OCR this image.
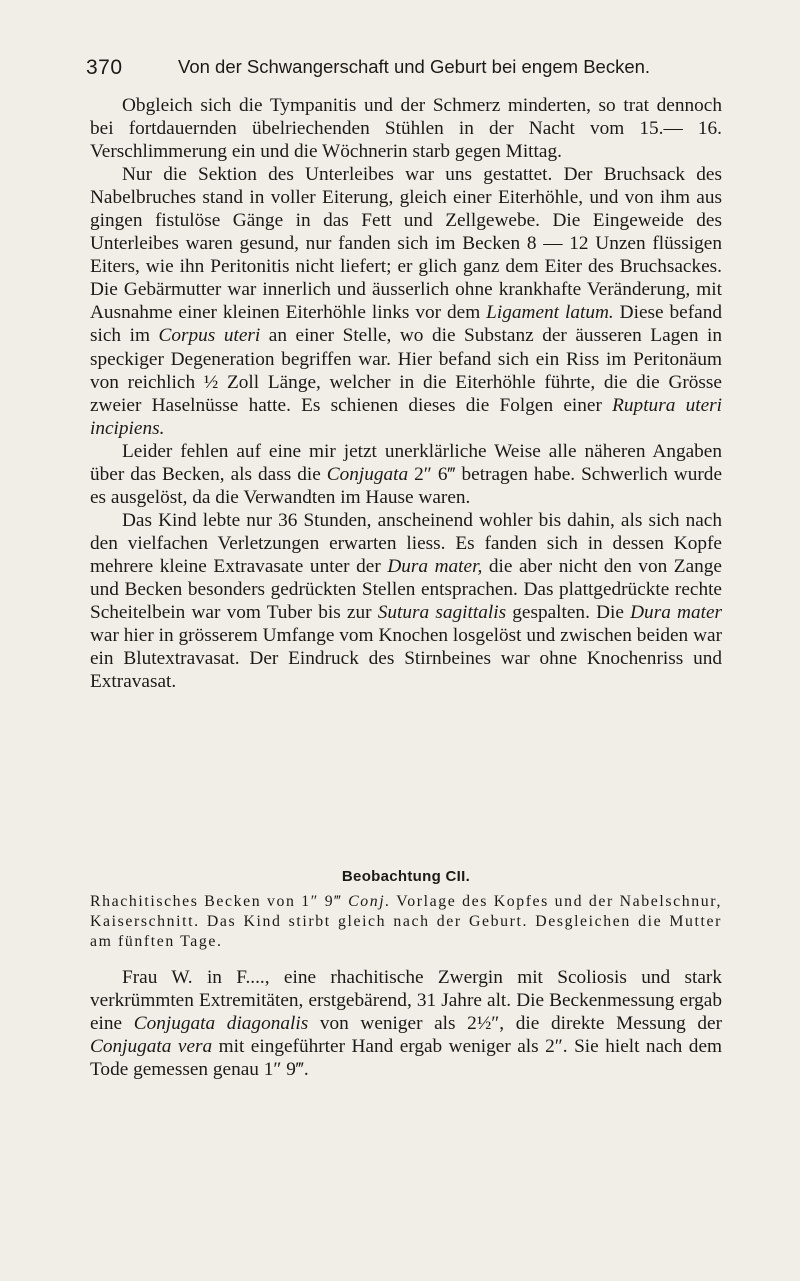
370	Von der Schwangerschaft und Geburt bei engem Becken.

Obgleich sich die Tympanitis und der Schmerz minderten, so trat dennoch bei fortdauernden übelriechenden Stühlen in der Nacht vom 15.— 16. Verschlimmerung ein und die Wöchnerin starb gegen Mittag.

Nur die Sektion des Unterleibes war uns gestattet. Der Bruchsack des Nabelbruches stand in voller Eiterung, gleich einer Eiterhöhle, und von ihm aus gingen fistulöse Gänge in das Fett und Zellgewebe. Die Eingeweide des Unterleibes waren gesund, nur fanden sich im Becken 8 — 12 Unzen flüssigen Eiters, wie ihn Peritonitis nicht liefert; er glich ganz dem Eiter des Bruchsackes. Die Gebärmutter war innerlich und äusserlich ohne krankhafte Veränderung, mit Ausnahme einer kleinen Eiterhöhle links vor dem Ligament latum. Diese befand sich im Corpus uteri an einer Stelle, wo die Substanz der äusseren Lagen in speckiger Degeneration begriffen war. Hier befand sich ein Riss im Peritonäum von reichlich ½ Zoll Länge, welcher in die Eiterhöhle führte, die die Grösse zweier Haselnüsse hatte. Es schienen dieses die Folgen einer Ruptura uteri incipiens.

Leider fehlen auf eine mir jetzt unerklärliche Weise alle näheren Angaben über das Becken, als dass die Conjugata 2″ 6‴ betragen habe. Schwerlich wurde es ausgelöst, da die Verwandten im Hause waren.

Das Kind lebte nur 36 Stunden, anscheinend wohler bis dahin, als sich nach den vielfachen Verletzungen erwarten liess. Es fanden sich in dessen Kopfe mehrere kleine Extravasate unter der Dura mater, die aber nicht den von Zange und Becken besonders gedrückten Stellen entsprachen. Das plattgedrückte rechte Scheitelbein war vom Tuber bis zur Sutura sagittalis gespalten. Die Dura mater war hier in grösserem Umfange vom Knochen losgelöst und zwischen beiden war ein Blutextravasat. Der Eindruck des Stirnbeines war ohne Knochenriss und Extravasat.

Beobachtung CII.
Rhachitisches Becken von 1″ 9‴ Conj. Vorlage des Kopfes und der Nabelschnur, Kaiserschnitt. Das Kind stirbt gleich nach der Geburt. Desgleichen die Mutter am fünften Tage.

Frau W. in F...., eine rhachitische Zwergin mit Scoliosis und stark verkrümmten Extremitäten, erstgebärend, 31 Jahre alt. Die Beckenmessung ergab eine Conjugata diagonalis von weniger als 2½″, die direkte Messung der Conjugata vera mit eingeführter Hand ergab weniger als 2″. Sie hielt nach dem Tode gemessen genau 1″ 9‴.
